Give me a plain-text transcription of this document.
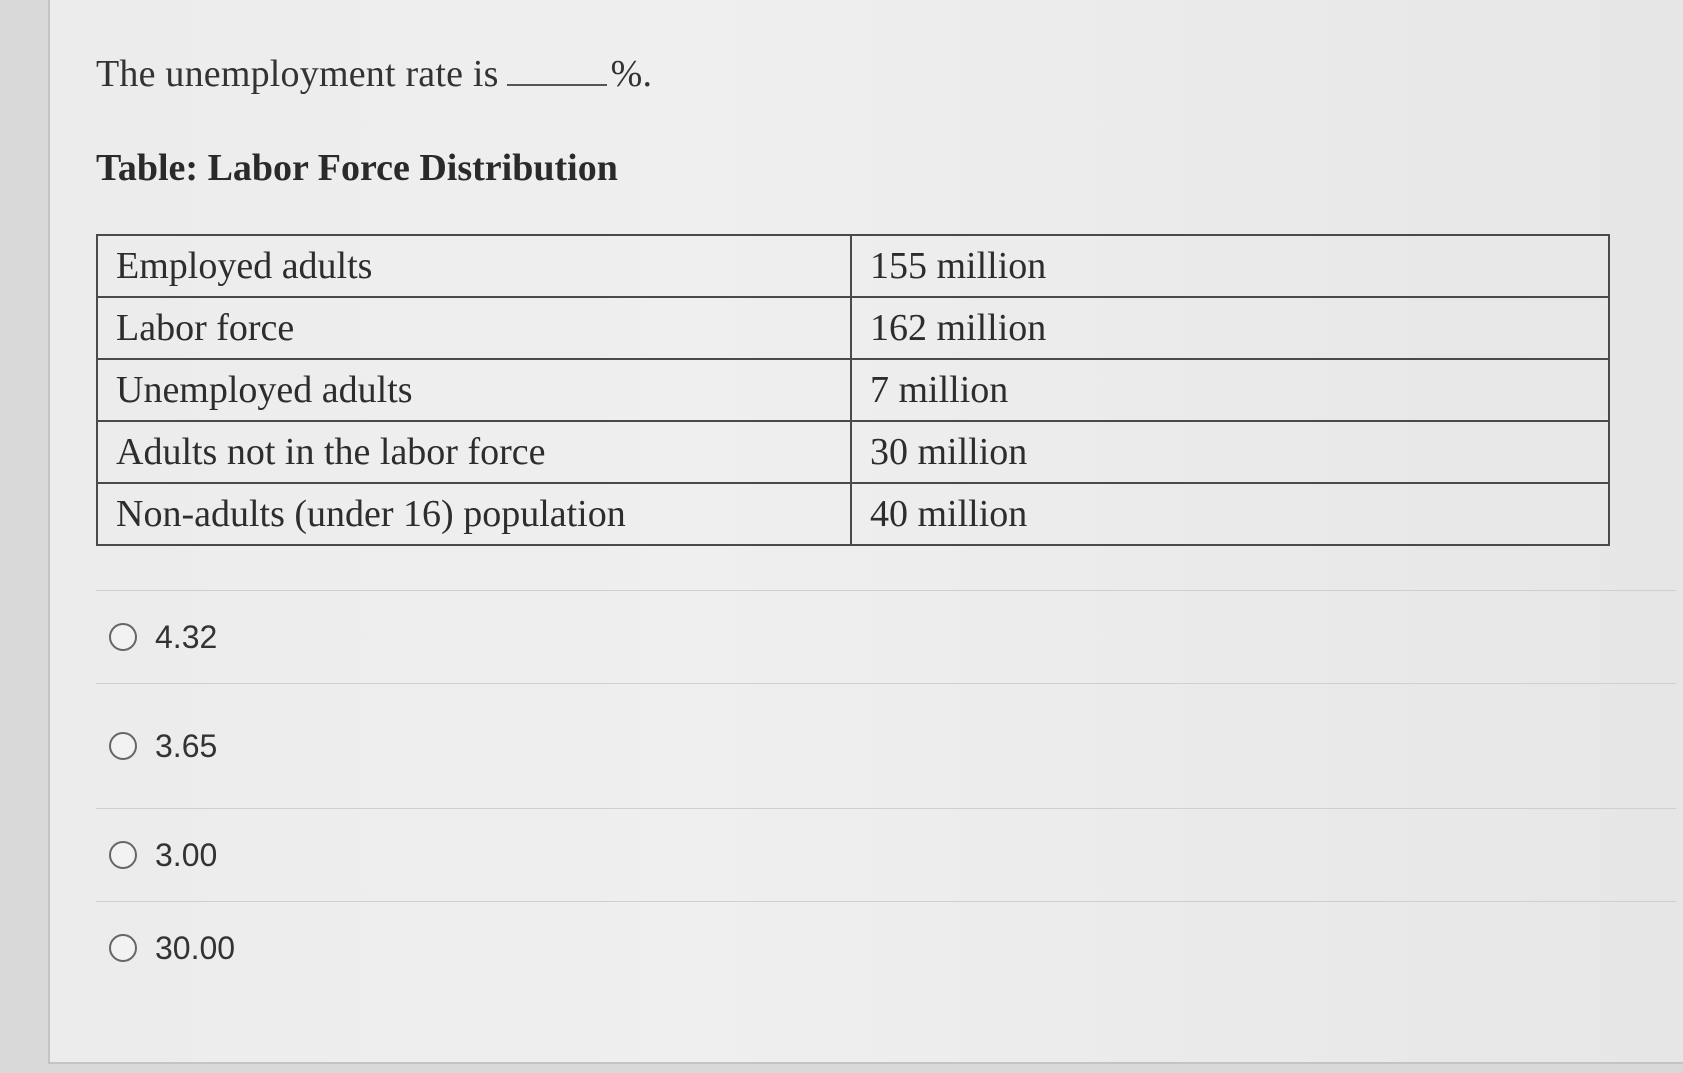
The unemployment rate is	%.
Table: Labor Force Distribution
Employed adults	155 million
Labor force	162 million
Unemployed adults	7 million
Adults not in the labor force	30 million
Non-adults (under 16) population	40 million
4.32
3.65
3.00
30.00
